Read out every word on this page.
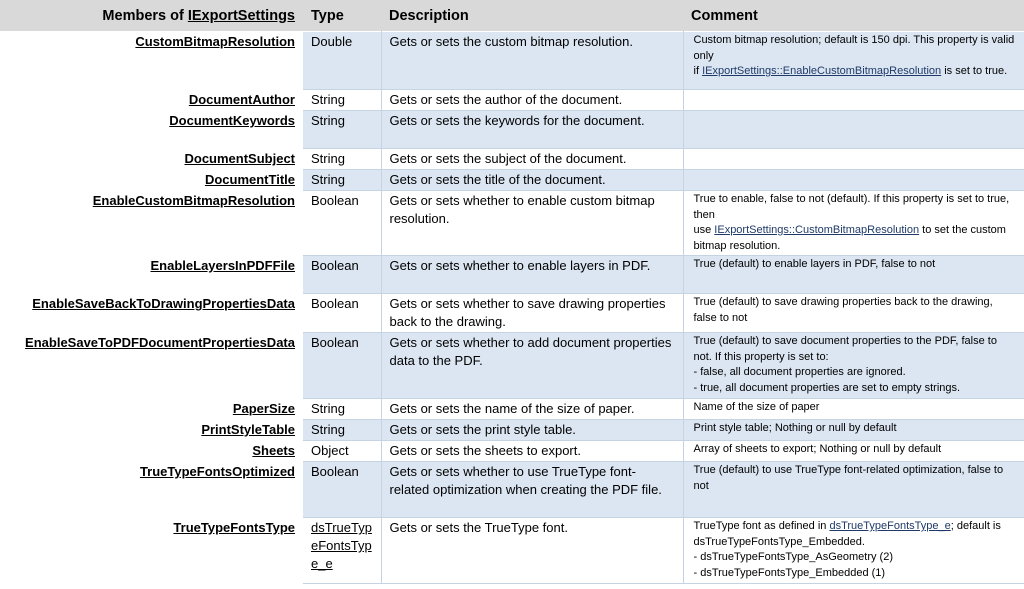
Members of IExportSettings	Type	Description	Comment
CustomBitmapResolution	Double	Gets or sets the custom bitmap resolution.	Custom bitmap resolution; default is 150 dpi. This property is valid only
if IExportSettings::EnableCustomBitmapResolution is set to true.
DocumentAuthor	String	Gets or sets the author of the document.	
DocumentKeywords	String	Gets or sets the keywords for the document.	
DocumentSubject	String	Gets or sets the subject of the document.	
DocumentTitle	String	Gets or sets the title of the document.	
EnableCustomBitmapResolution	Boolean	Gets or sets whether to enable custom bitmap resolution.	True to enable, false to not (default). If this property is set to true, then
use IExportSettings::CustomBitmapResolution to set the custom bitmap resolution.
EnableLayersInPDFFile	Boolean	Gets or sets whether to enable layers in PDF.	True (default) to enable layers in PDF, false to not
EnableSaveBackToDrawingPropertiesData	Boolean	Gets or sets whether to save drawing properties back to the drawing.	True (default) to save drawing properties back to the drawing, false to not
EnableSaveToPDFDocumentPropertiesData	Boolean	Gets or sets whether to add document properties data to the PDF.	True (default) to save document properties to the PDF, false to not. If this property is set to:
- false, all document properties are ignored.
- true, all document properties are set to empty strings.
PaperSize	String	Gets or sets the name of the size of paper.	Name of the size of paper
PrintStyleTable	String	Gets or sets the print style table.	Print style table; Nothing or null by default
Sheets	Object	Gets or sets the sheets to export.	Array of sheets to export; Nothing or null by default
TrueTypeFontsOptimized	Boolean	Gets or sets whether to use TrueType font-related optimization when creating the PDF file.	True (default) to use TrueType font-related optimization, false to not
TrueTypeFontsType	dsTrueTypeFontsType_e	Gets or sets the TrueType font.	TrueType font as defined in dsTrueTypeFontsType_e; default is dsTrueTypeFontsType_Embedded.
- dsTrueTypeFontsType_AsGeometry (2)
- dsTrueTypeFontsType_Embedded (1)
